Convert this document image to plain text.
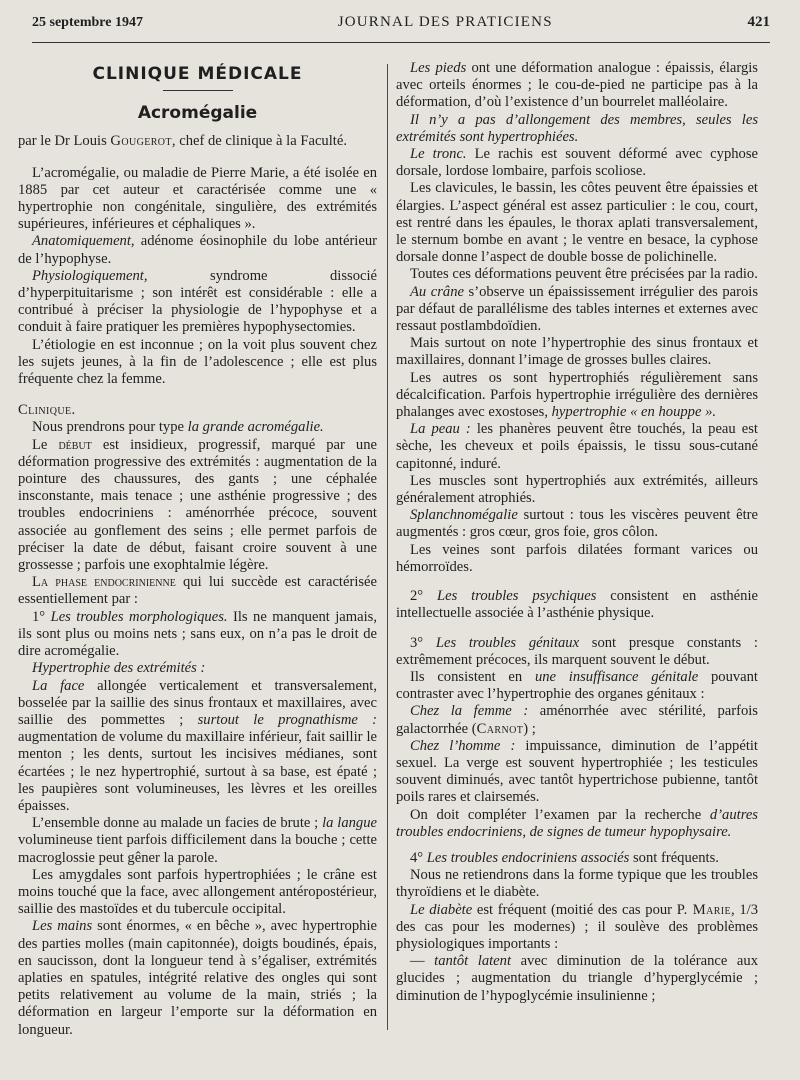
25 septembre 1947	JOURNAL DES PRATICIENS	421
CLINIQUE MÉDICALE
Acromégalie

par le Dr Louis Gougerot, chef de clinique à la Faculté.

L’acromégalie, ou maladie de Pierre Marie, a été isolée en 1885 par cet auteur et caractérisée comme une « hypertrophie non congénitale, singulière, des extrémités supérieures, inférieures et céphaliques ».

Anatomiquement, adénome éosinophile du lobe antérieur de l’hypophyse.

Physiologiquement, syndrome dissocié d’hyperpituitarisme ; son intérêt est considérable : elle a contribué à préciser la physiologie de l’hypophyse et a conduit à faire pratiquer les premières hypophysectomies.

L’étiologie en est inconnue ; on la voit plus souvent chez les sujets jeunes, à la fin de l’adolescence ; elle est plus fréquente chez la femme.

Clinique.

Nous prendrons pour type la grande acromégalie.

Le début est insidieux, progressif, marqué par une déformation progressive des extrémités : augmentation de la pointure des chaussures, des gants ; une céphalée insconstante, mais tenace ; une asthénie progressive ; des troubles endocriniens : aménorrhée précoce, souvent associée au gonflement des seins ; elle permet parfois de préciser la date de début, faisant croire souvent à une grossesse ; parfois une exophtalmie légère.

La phase endocrinienne qui lui succède est caractérisée essentiellement par :

1° Les troubles morphologiques. Ils ne manquent jamais, ils sont plus ou moins nets ; sans eux, on n’a pas le droit de dire acromégalie.

Hypertrophie des extrémités :

La face allongée verticalement et transversalement, bosselée par la saillie des sinus frontaux et maxillaires, avec saillie des pommettes ; surtout le prognathisme : augmentation de volume du maxillaire inférieur, fait saillir le menton ; les dents, surtout les incisives médianes, sont écartées ; le nez hypertrophié, surtout à sa base, est épaté ; les paupières sont volumineuses, les lèvres et les oreilles épaisses.

L’ensemble donne au malade un facies de brute ; la langue volumineuse tient parfois difficilement dans la bouche ; cette macroglossie peut gêner la parole.

Les amygdales sont parfois hypertrophiées ; le crâne est moins touché que la face, avec allongement antéropostérieur, saillie des mastoïdes et du tubercule occipital.

Les mains sont énormes, « en bêche », avec hypertrophie des parties molles (main capitonnée), doigts boudinés, épais, en saucisson, dont la longueur tend à s’égaliser, extrémités aplaties en spatules, intégrité relative des ongles qui sont petits relativement au volume de la main, striés ; la déformation en largeur l’emporte sur la déformation en longueur.

Les pieds ont une déformation analogue : épaissis, élargis avec orteils énormes ; le cou-de-pied ne participe pas à la déformation, d’où l’existence d’un bourrelet malléolaire.

Il n’y a pas d’allongement des membres, seules les extrémités sont hypertrophiées.

Le tronc. Le rachis est souvent déformé avec cyphose dorsale, lordose lombaire, parfois scoliose.

Les clavicules, le bassin, les côtes peuvent être épaissies et élargies. L’aspect général est assez particulier : le cou, court, est rentré dans les épaules, le thorax aplati transversalement, le sternum bombe en avant ; le ventre en besace, la cyphose dorsale donne l’aspect de double bosse de polichinelle.

Toutes ces déformations peuvent être précisées par la radio.

Au crâne s’observe un épaississement irrégulier des parois par défaut de parallélisme des tables internes et externes avec ressaut postlambdoïdien.

Mais surtout on note l’hypertrophie des sinus frontaux et maxillaires, donnant l’image de grosses bulles claires.

Les autres os sont hypertrophiés régulièrement sans décalcification. Parfois hypertrophie irrégulière des dernières phalanges avec exostoses, hypertrophie « en houppe ».

La peau : les phanères peuvent être touchés, la peau est sèche, les cheveux et poils épaissis, le tissu sous-cutané capitonné, induré.

Les muscles sont hypertrophiés aux extrémités, ailleurs généralement atrophiés.

Splanchnomégalie surtout : tous les viscères peuvent être augmentés : gros cœur, gros foie, gros côlon.

Les veines sont parfois dilatées formant varices ou hémorroïdes.

2° Les troubles psychiques consistent en asthénie intellectuelle associée à l’asthénie physique.

3° Les troubles génitaux sont presque constants : extrêmement précoces, ils marquent souvent le début.

Ils consistent en une insuffisance génitale pouvant contraster avec l’hypertrophie des organes génitaux :

Chez la femme : aménorrhée avec stérilité, parfois galactorrhée (Carnot) ;

Chez l’homme : impuissance, diminution de l’appétit sexuel. La verge est souvent hypertrophiée ; les testicules souvent diminués, avec tantôt hypertrichose pubienne, tantôt poils rares et clairsemés.

On doit compléter l’examen par la recherche d’autres troubles endocriniens, de signes de tumeur hypophysaire.

4° Les troubles endocriniens associés sont fréquents.

Nous ne retiendrons dans la forme typique que les troubles thyroïdiens et le diabète.

Le diabète est fréquent (moitié des cas pour P. Marie, 1/3 des cas pour les modernes) ; il soulève des problèmes physiologiques importants :

— tantôt latent avec diminution de la tolérance aux glucides ; augmentation du triangle d’hyperglycémie ; diminution de l’hypoglycémie insulinienne ;
